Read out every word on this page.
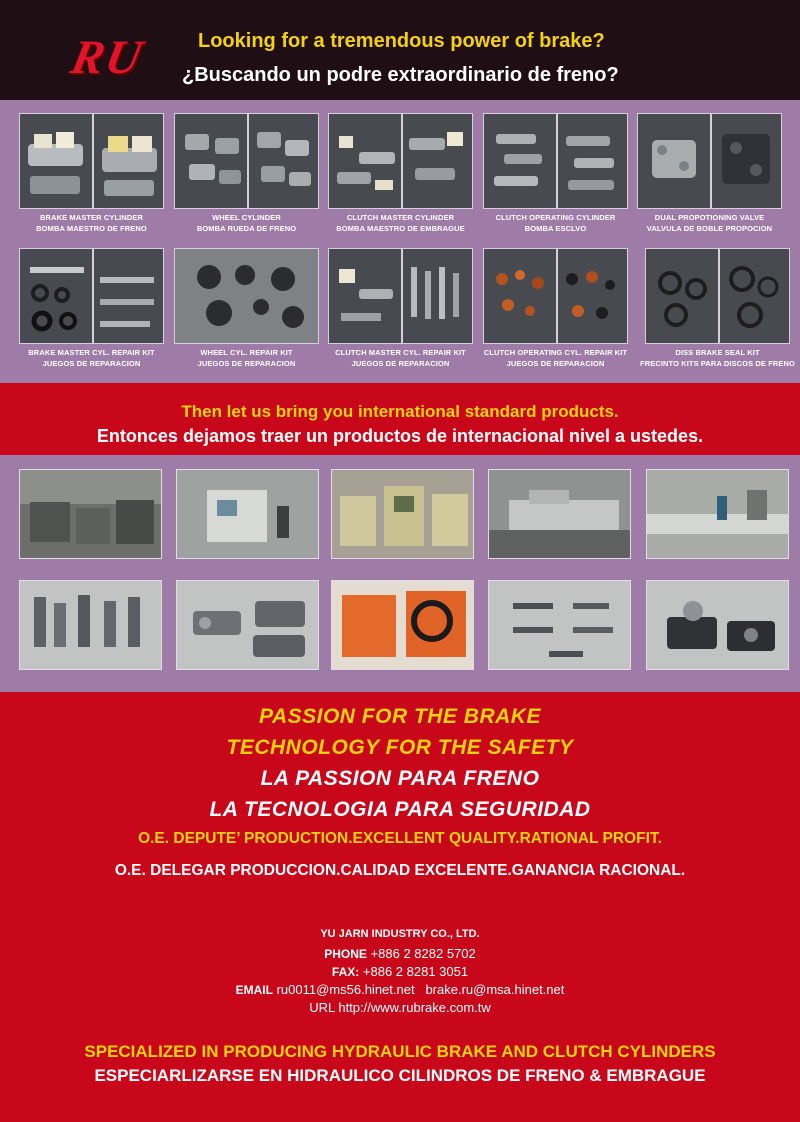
RU Looking for a tremendous power of brake?
¿Buscando un podre extraordinario de freno?
BRAKE MASTER CYLINDER
BOMBA MAESTRO DE FRENO
WHEEL CYLINDER
BOMBA RUEDA DE FRENO
CLUTCH MASTER CYLINDER
BOMBA MAESTRO DE EMBRAGUE
CLUTCH OPERATING CYLINDER
BOMBA ESCLVO
DUAL PROPOTIONING VALVE
VALVULA DE BOBLE PROPOCION
BRAKE MASTER CYL. REPAIR KIT
JUEGOS DE REPARACION
WHEEL CYL. REPAIR KIT
JUEGOS DE REPARACION
CLUTCH MASTER CYL. REPAIR KIT
JUEGOS DE REPARACION
CLUTCH OPERATING CYL. REPAIR KIT
JUEGOS DE REPARACION
DISS BRAKE SEAL KIT
FRECINTO KITS PARA DISCOS DE FRENO
Then let us bring you international standard products.
Entonces dejamos traer un productos de internacional nivel a ustedes.
PASSION FOR THE BRAKE
TECHNOLOGY FOR THE SAFETY
LA PASSION PARA FRENO
LA TECNOLOGIA PARA SEGURIDAD
O.E. DEPUTE’ PRODUCTION.EXCELLENT QUALITY.RATIONAL PROFIT.
O.E. DELEGAR PRODUCCION.CALIDAD EXCELENTE.GANANCIA RACIONAL.
YU JARN INDUSTRY CO., LTD.
PHONE +886 2 8282 5702
FAX: +886 2 8281 3051
EMAIL ru0011@ms56.hinet.net brake.ru@msa.hinet.net
URL http://www.rubrake.com.tw
SPECIALIZED IN PRODUCING HYDRAULIC BRAKE AND CLUTCH CYLINDERS
ESPECIARLIZARSE EN HIDRAULICO CILINDROS DE FRENO & EMBRAGUE
